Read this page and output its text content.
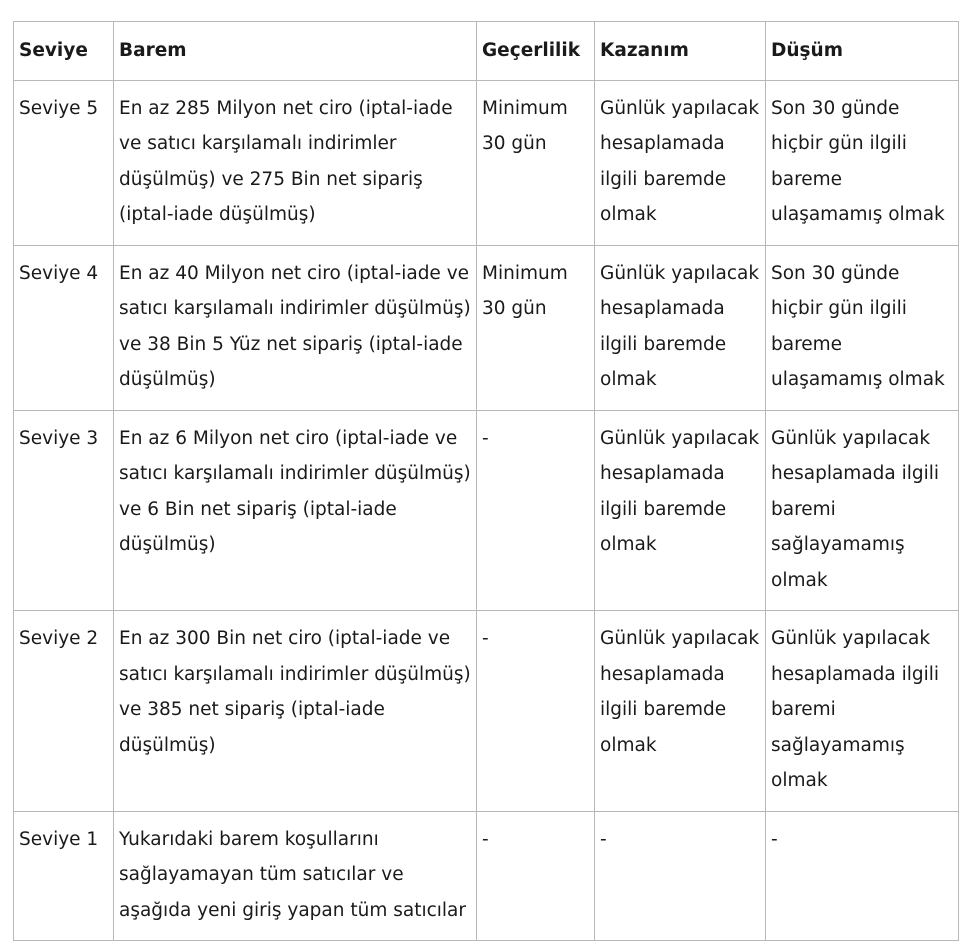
Seviye	Barem	Geçerlilik	Kazanım	Düşüm
Seviye 5	En az 285 Milyon net ciro (iptal-iade ve satıcı karşılamalı indirimler düşülmüş) ve 275 Bin net sipariş (iptal-iade düşülmüş)	Minimum 30 gün	Günlük yapılacak hesaplamada ilgili baremde olmak	Son 30 günde hiçbir gün ilgili bareme ulaşamamış olmak
Seviye 4	En az 40 Milyon net ciro (iptal-iade ve satıcı karşılamalı indirimler düşülmüş) ve 38 Bin 5 Yüz net sipariş (iptal-iade düşülmüş)	Minimum 30 gün	Günlük yapılacak hesaplamada ilgili baremde olmak	Son 30 günde hiçbir gün ilgili bareme ulaşamamış olmak
Seviye 3	En az 6 Milyon net ciro (iptal-iade ve satıcı karşılamalı indirimler düşülmüş) ve 6 Bin net sipariş (iptal-iade düşülmüş)	-	Günlük yapılacak hesaplamada ilgili baremde olmak	Günlük yapılacak hesaplamada ilgili baremi sağlayamamış olmak
Seviye 2	En az 300 Bin net ciro (iptal-iade ve satıcı karşılamalı indirimler düşülmüş) ve 385 net sipariş (iptal-iade düşülmüş)	-	Günlük yapılacak hesaplamada ilgili baremde olmak	Günlük yapılacak hesaplamada ilgili baremi sağlayamamış olmak
Seviye 1	Yukarıdaki barem koşullarını sağlayamayan tüm satıcılar ve aşağıda yeni giriş yapan tüm satıcılar	-	-	-
